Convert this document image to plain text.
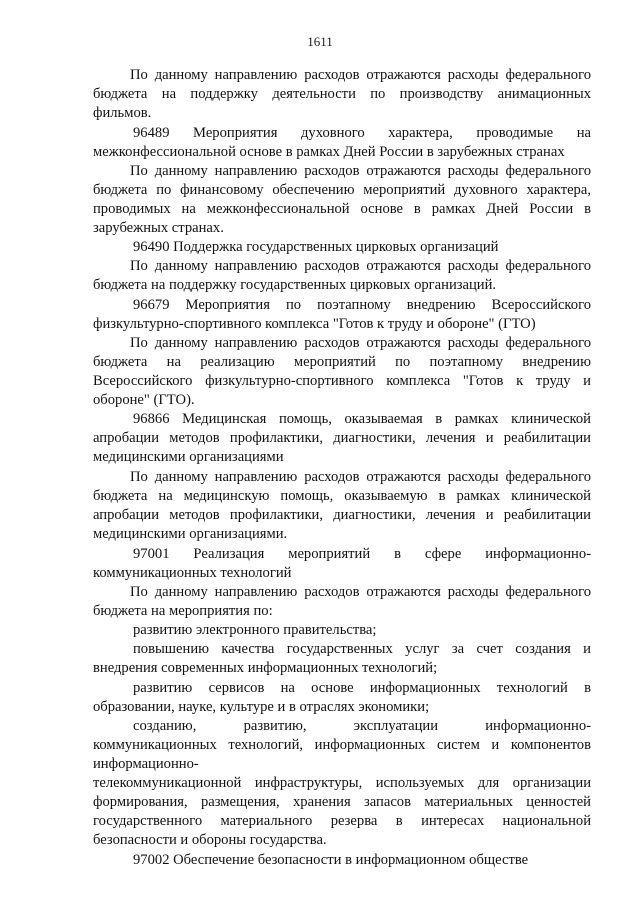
1611
По данному направлению расходов отражаются расходы федерального
бюджета на поддержку деятельности по производству анимационных
фильмов.
96489 Мероприятия духовного характера, проводимые на
межконфессиональной основе в рамках Дней России в зарубежных странах
По данному направлению расходов отражаются расходы федерального
бюджета по финансовому обеспечению мероприятий духовного характера,
проводимых на межконфессиональной основе в рамках Дней России в
зарубежных странах.
96490 Поддержка государственных цирковых организаций
По данному направлению расходов отражаются расходы федерального
бюджета на поддержку государственных цирковых организаций.
96679 Мероприятия по поэтапному внедрению Всероссийского
физкультурно-спортивного комплекса "Готов к труду и обороне" (ГТО)
По данному направлению расходов отражаются расходы федерального
бюджета на реализацию мероприятий по поэтапному внедрению
Всероссийского физкультурно-спортивного комплекса "Готов к труду и
обороне" (ГТО).
96866 Медицинская помощь, оказываемая в рамках клинической
апробации методов профилактики, диагностики, лечения и реабилитации
медицинскими организациями
По данному направлению расходов отражаются расходы федерального
бюджета на медицинскую помощь, оказываемую в рамках клинической
апробации методов профилактики, диагностики, лечения и реабилитации
медицинскими организациями.
97001 Реализация мероприятий в сфере информационно-
коммуникационных технологий
По данному направлению расходов отражаются расходы федерального
бюджета на мероприятия по:
развитию электронного правительства;
повышению качества государственных услуг за счет создания и
внедрения современных информационных технологий;
развитию сервисов на основе информационных технологий в
образовании, науке, культуре и в отраслях экономики;
созданию, развитию, эксплуатации информационно-
коммуникационных технологий, информационных систем и компонентов
информационно-
телекоммуникационной инфраструктуры, используемых для организации
формирования, размещения, хранения запасов материальных ценностей
государственного материального резерва в интересах национальной
безопасности и обороны государства.
97002 Обеспечение безопасности в информационном обществе
